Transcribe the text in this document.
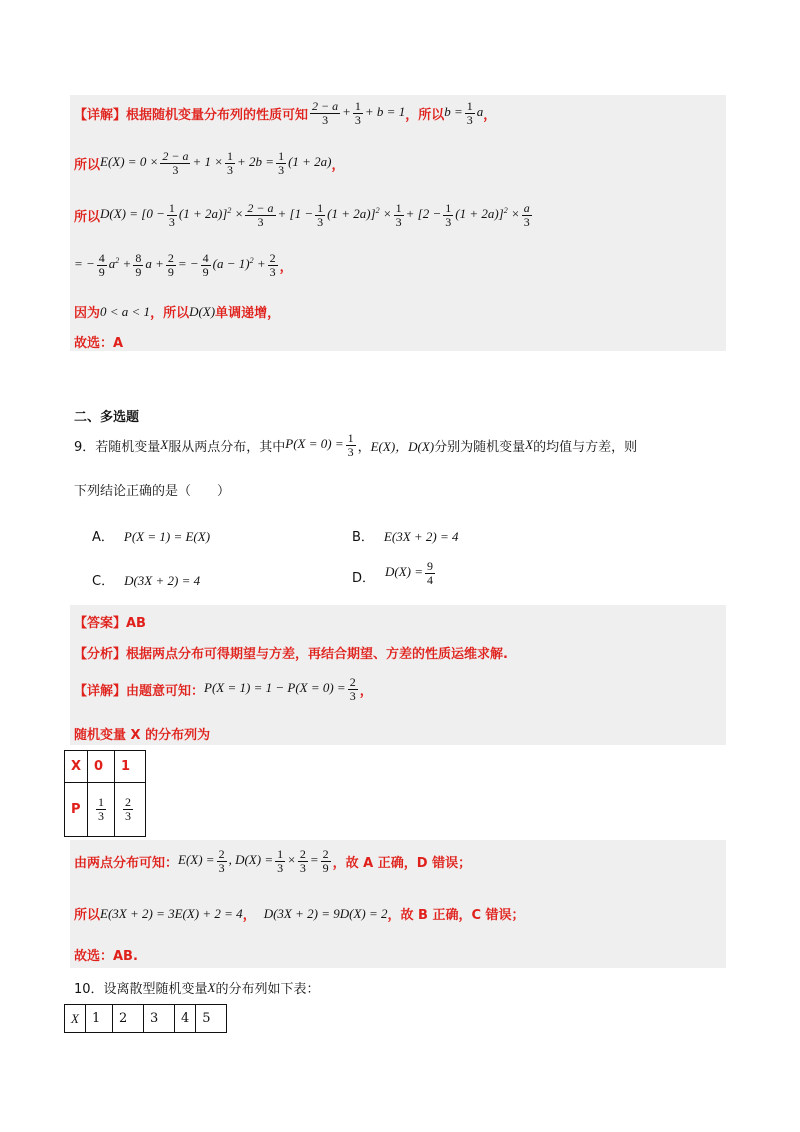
【详解】根据随机变量分布列的性质可知 $\frac{2 - a}{3} + \frac{1}{3} + b = 1$ ，所以 $b = \frac{1}{3}$ a ，
所以 $E(X) = 0 \times \frac{2 - a}{3} + 1 \times \frac{1}{3} + 2b = \frac{1}{3} (1 + 2a)$ ，
所以 $D(X) = [0 - \frac{1}{3} (1 + 2a)]^2 \times \frac{2 - a}{3} + [1 - \frac{1}{3} (1 + 2a)]^2 \times \frac{1}{3} + [2 - \frac{1}{3} (1 + 2a)]^2 \times \frac{a}{3}$
= − $\frac{4}{9} a^2 + \frac{8}{9}$ $a + \frac{2}{9}$ = − $\frac{4}{9} (a - 1)^2 + \frac{2}{3}$ ，
因为 0 < a < 1 ，所以 D(X) 单调递增，
故选：A
二、多选题
9．若随机变量 X 服从两点分布，其中 $P(X = 0) = \frac{1}{3}$ ， E(X)，D(X) 分别为随机变量 X 的均值与方差，则
下列结论正确的是（　　）
A． P(X = 1) = E(X)	B． E(3X + 2) = 4
C． D(3X + 2) = 4	D． $D(X) = \frac{9}{4}$
【答案】AB
【分析】根据两点分布可得期望与方差，再结合期望、方差的性质运维求解.
【详解】由题意可知： $P(X = 1) = 1 - P(X = 0) = \frac{2}{3}$ ，
随机变量 X 的分布列为
X	0	1
P	$\frac{1}{3}$	$\frac{2}{3}$
由两点分布可知： $E(X) = \frac{2}{3}$ , $D(X) = \frac{1}{3} \times \frac{2}{3} = \frac{2}{9}$ ，故 A 正确，D 错误；
所以 E(3X + 2) = 3E(X) + 2 = 4 ， D(3X + 2) = 9D(X) = 2 ，故 B 正确，C 错误；
故选：AB.
10．设离散型随机变量 X 的分布列如下表：
X	1	2	3	4	5
